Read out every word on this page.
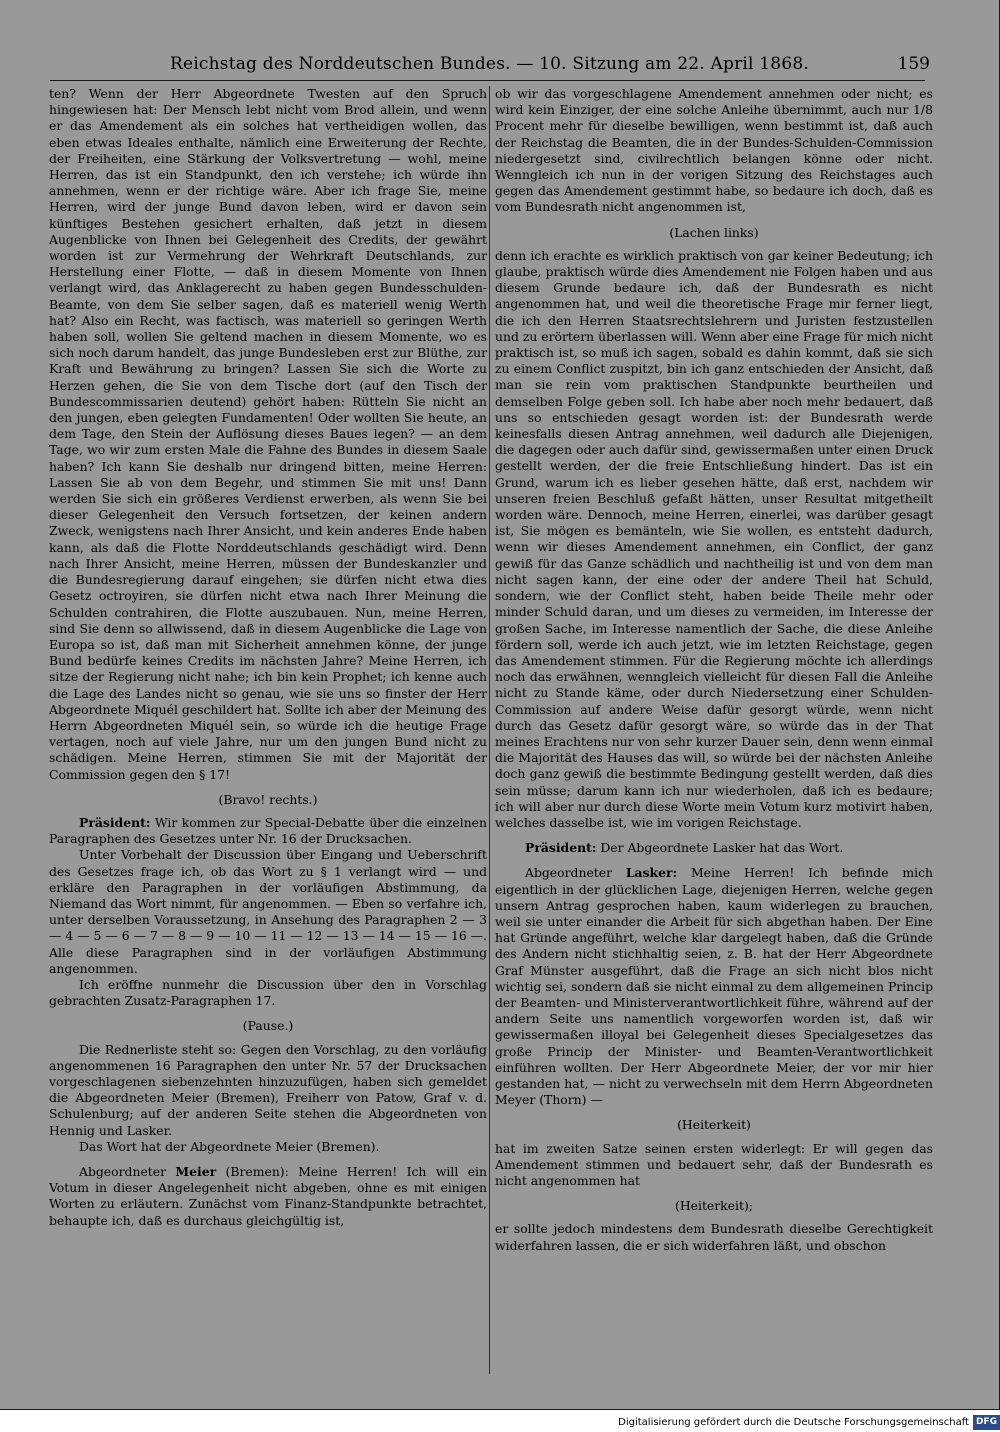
Reichstag des Norddeutschen Bundes. — 10. Sitzung am 22. April 1868.	159

ten? Wenn der Herr Abgeordnete Twesten auf den Spruch hingewiesen hat: Der Mensch lebt nicht vom Brod allein, und wenn er das Amendement als ein solches hat vertheidigen wollen, das eben etwas Ideales enthalte, nämlich eine Erweiterung der Rechte, der Freiheiten, eine Stärkung der Volksvertretung — wohl, meine Herren, das ist ein Standpunkt, den ich verstehe; ich würde ihn annehmen, wenn er der richtige wäre. Aber ich frage Sie, meine Herren, wird der junge Bund davon leben, wird er davon sein künftiges Bestehen gesichert erhalten, daß jetzt in diesem Augenblicke von Ihnen bei Gelegenheit des Credits, der gewährt worden ist zur Vermehrung der Wehrkraft Deutschlands, zur Herstellung einer Flotte, — daß in diesem Momente von Ihnen verlangt wird, das Anklagerecht zu haben gegen Bundesschulden-Beamte, von dem Sie selber sagen, daß es materiell wenig Werth hat? Also ein Recht, was factisch, was materiell so geringen Werth haben soll, wollen Sie geltend machen in diesem Momente, wo es sich noch darum handelt, das junge Bundesleben erst zur Blüthe, zur Kraft und Bewährung zu bringen? Lassen Sie sich die Worte zu Herzen gehen, die Sie von dem Tische dort (auf den Tisch der Bundescommissarien deutend) gehört haben: Rütteln Sie nicht an den jungen, eben gelegten Fundamenten! Oder wollten Sie heute, an dem Tage, den Stein der Auflösung dieses Baues legen? — an dem Tage, wo wir zum ersten Male die Fahne des Bundes in diesem Saale haben? Ich kann Sie deshalb nur dringend bitten, meine Herren: Lassen Sie ab von dem Begehr, und stimmen Sie mit uns! Dann werden Sie sich ein größeres Verdienst erwerben, als wenn Sie bei dieser Gelegenheit den Versuch fortsetzen, der keinen andern Zweck, wenigstens nach Ihrer Ansicht, und kein anderes Ende haben kann, als daß die Flotte Norddeutschlands geschädigt wird. Denn nach Ihrer Ansicht, meine Herren, müssen der Bundeskanzler und die Bundesregierung darauf eingehen; sie dürfen nicht etwa dies Gesetz octroyiren, sie dürfen nicht etwa nach Ihrer Meinung die Schulden contrahiren, die Flotte auszubauen. Nun, meine Herren, sind Sie denn so allwissend, daß in diesem Augenblicke die Lage von Europa so ist, daß man mit Sicherheit annehmen könne, der junge Bund bedürfe keines Credits im nächsten Jahre? Meine Herren, ich sitze der Regierung nicht nahe; ich bin kein Prophet; ich kenne auch die Lage des Landes nicht so genau, wie sie uns so finster der Herr Abgeordnete Miquél geschildert hat. Sollte ich aber der Meinung des Herrn Abgeordneten Miquél sein, so würde ich die heutige Frage vertagen, noch auf viele Jahre, nur um den jungen Bund nicht zu schädigen. Meine Herren, stimmen Sie mit der Majorität der Commission gegen den § 17!

(Bravo! rechts.)

Präsident: Wir kommen zur Special-Debatte über die einzelnen Paragraphen des Gesetzes unter Nr. 16 der Drucksachen.

Unter Vorbehalt der Discussion über Eingang und Ueberschrift des Gesetzes frage ich, ob das Wort zu § 1 verlangt wird — und erkläre den Paragraphen in der vorläufigen Abstimmung, da Niemand das Wort nimmt, für angenommen. — Eben so verfahre ich, unter derselben Voraussetzung, in Ansehung des Paragraphen 2 — 3 — 4 — 5 — 6 — 7 — 8 — 9 — 10 — 11 — 12 — 13 — 14 — 15 — 16 —. Alle diese Paragraphen sind in der vorläufigen Abstimmung angenommen.

Ich eröffne nunmehr die Discussion über den in Vorschlag gebrachten Zusatz-Paragraphen 17.

(Pause.)

Die Rednerliste steht so: Gegen den Vorschlag, zu den vorläufig angenommenen 16 Paragraphen den unter Nr. 57 der Drucksachen vorgeschlagenen siebenzehnten hinzuzufügen, haben sich gemeldet die Abgeordneten Meier (Bremen), Freiherr von Patow, Graf v. d. Schulenburg; auf der anderen Seite stehen die Abgeordneten von Hennig und Lasker.

Das Wort hat der Abgeordnete Meier (Bremen).

Abgeordneter Meier (Bremen): Meine Herren! Ich will ein Votum in dieser Angelegenheit nicht abgeben, ohne es mit einigen Worten zu erläutern. Zunächst vom Finanz-Standpunkte betrachtet, behaupte ich, daß es durchaus gleichgültig ist,

ob wir das vorgeschlagene Amendement annehmen oder nicht; es wird kein Einziger, der eine solche Anleihe übernimmt, auch nur 1/8 Procent mehr für dieselbe bewilligen, wenn bestimmt ist, daß auch der Reichstag die Beamten, die in der Bundes-Schulden-Commission niedergesetzt sind, civilrechtlich belangen könne oder nicht. Wenngleich ich nun in der vorigen Sitzung des Reichstages auch gegen das Amendement gestimmt habe, so bedaure ich doch, daß es vom Bundesrath nicht angenommen ist,

(Lachen links)

denn ich erachte es wirklich praktisch von gar keiner Bedeutung; ich glaube, praktisch würde dies Amendement nie Folgen haben und aus diesem Grunde bedaure ich, daß der Bundesrath es nicht angenommen hat, und weil die theoretische Frage mir ferner liegt, die ich den Herren Staatsrechtslehrern und Juristen festzustellen und zu erörtern überlassen will. Wenn aber eine Frage für mich nicht praktisch ist, so muß ich sagen, sobald es dahin kommt, daß sie sich zu einem Conflict zuspitzt, bin ich ganz entschieden der Ansicht, daß man sie rein vom praktischen Standpunkte beurtheilen und demselben Folge geben soll. Ich habe aber noch mehr bedauert, daß uns so entschieden gesagt worden ist: der Bundesrath werde keinesfalls diesen Antrag annehmen, weil dadurch alle Diejenigen, die dagegen oder auch dafür sind, gewissermaßen unter einen Druck gestellt werden, der die freie Entschließung hindert. Das ist ein Grund, warum ich es lieber gesehen hätte, daß erst, nachdem wir unseren freien Beschluß gefaßt hätten, unser Resultat mitgetheilt worden wäre. Dennoch, meine Herren, einerlei, was darüber gesagt ist, Sie mögen es bemänteln, wie Sie wollen, es entsteht dadurch, wenn wir dieses Amendement annehmen, ein Conflict, der ganz gewiß für das Ganze schädlich und nachtheilig ist und von dem man nicht sagen kann, der eine oder der andere Theil hat Schuld, sondern, wie der Conflict steht, haben beide Theile mehr oder minder Schuld daran, und um dieses zu vermeiden, im Interesse der großen Sache, im Interesse namentlich der Sache, die diese Anleihe fördern soll, werde ich auch jetzt, wie im letzten Reichstage, gegen das Amendement stimmen. Für die Regierung möchte ich allerdings noch das erwähnen, wenngleich vielleicht für diesen Fall die Anleihe nicht zu Stande käme, oder durch Niedersetzung einer Schulden-Commission auf andere Weise dafür gesorgt würde, wenn nicht durch das Gesetz dafür gesorgt wäre, so würde das in der That meines Erachtens nur von sehr kurzer Dauer sein, denn wenn einmal die Majorität des Hauses das will, so würde bei der nächsten Anleihe doch ganz gewiß die bestimmte Bedingung gestellt werden, daß dies sein müsse; darum kann ich nur wiederholen, daß ich es bedaure; ich will aber nur durch diese Worte mein Votum kurz motivirt haben, welches dasselbe ist, wie im vorigen Reichstage.

Präsident: Der Abgeordnete Lasker hat das Wort.

Abgeordneter Lasker: Meine Herren! Ich befinde mich eigentlich in der glücklichen Lage, diejenigen Herren, welche gegen unsern Antrag gesprochen haben, kaum widerlegen zu brauchen, weil sie unter einander die Arbeit für sich abgethan haben. Der Eine hat Gründe angeführt, welche klar dargelegt haben, daß die Gründe des Andern nicht stichhaltig seien, z. B. hat der Herr Abgeordnete Graf Münster ausgeführt, daß die Frage an sich nicht blos nicht wichtig sei, sondern daß sie nicht einmal zu dem allgemeinen Princip der Beamten- und Ministerverantwortlichkeit führe, während auf der andern Seite uns namentlich vorgeworfen worden ist, daß wir gewissermaßen illoyal bei Gelegenheit dieses Specialgesetzes das große Princip der Minister- und Beamten-Verantwortlichkeit einführen wollten. Der Herr Abgeordnete Meier, der vor mir hier gestanden hat, — nicht zu verwechseln mit dem Herrn Abgeordneten Meyer (Thorn) —

(Heiterkeit)

hat im zweiten Satze seinen ersten widerlegt: Er will gegen das Amendement stimmen und bedauert sehr, daß der Bundesrath es nicht angenommen hat

(Heiterkeit);

er sollte jedoch mindestens dem Bundesrath dieselbe Gerechtigkeit widerfahren lassen, die er sich widerfahren läßt, und obschon

Digitalisierung gefördert durch die Deutsche Forschungsgemeinschaft DFG
